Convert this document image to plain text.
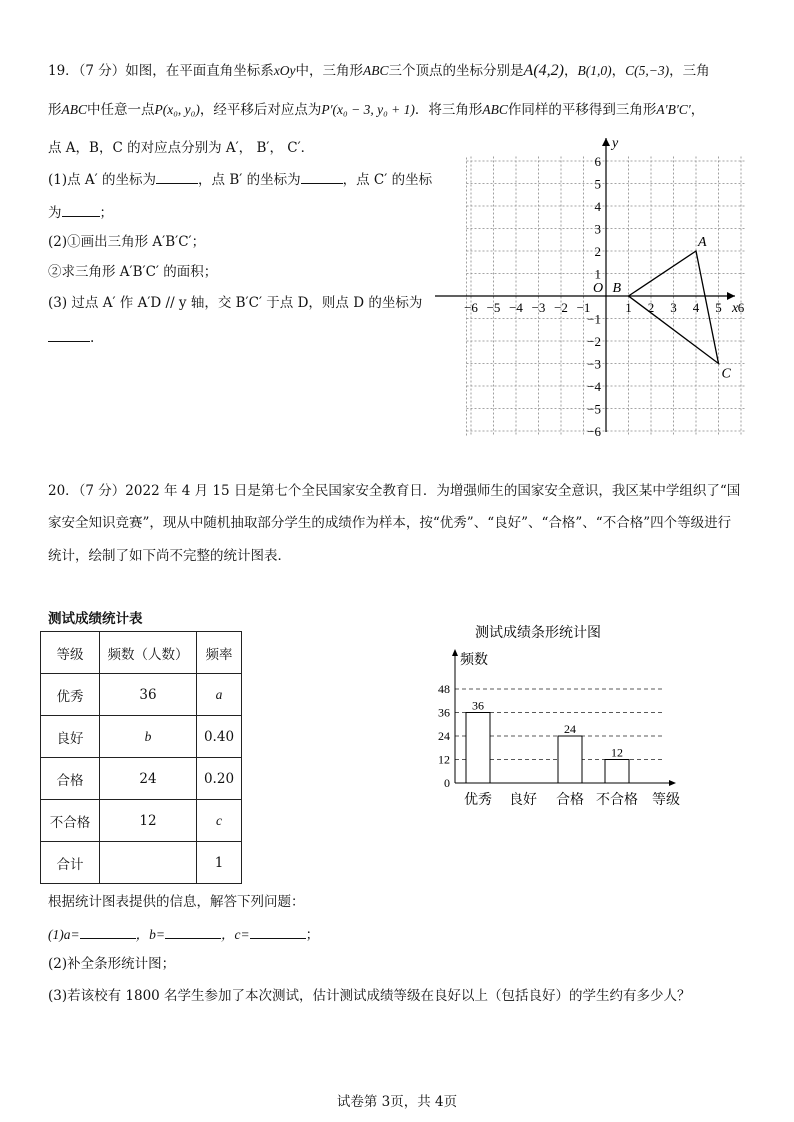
19．（7 分）如图，在平面直角坐标系xOy中，三角形ABC三个顶点的坐标分别是A(4,2)，B(1,0)，C(5,−3)，三角
形ABC中任意一点P(x₀, y₀)，经平移后对应点为P′(x₀ − 3, y₀ + 1)．将三角形ABC作同样的平移得到三角形A′B′C′，
点 A，B，C 的对应点分别为 A′， B′， C′．
(1)点 A′ 的坐标为	，点 B′ 的坐标为	，点 C′ 的坐标
为	；
(2)①画出三角形 A′B′C′；
②求三角形 A′B′C′ 的面积；
(3) 过点 A′ 作 A′D // y 轴，交 B′C′ 于点 D，则点 D 的坐标为
.
−6 −5 −4 −3 −2 −1	1 2 3 4 5 6
6
5
4
3
2
1
−1
−2
−3
−4
−5
−6
x
y
O
A
B
C
20．（7 分）2022 年 4 月 15 日是第七个全民国家安全教育日．为增强师生的国家安全意识，我区某中学组织了“国
家安全知识竞赛”，现从中随机抽取部分学生的成绩作为样本，按“优秀”、“良好”、“合格”、“不合格”四个等级进行
统计，绘制了如下尚不完整的统计图表．
测试成绩统计表
等级	频数（人数）	频率
优秀	36	a
良好	b	0.40
合格	24	0.20
不合格	12	c
合计		1
测试成绩条形统计图
0
12
24
36
48
频数
等级
36
优秀 良好
24
合格
12
不合格
根据统计图表提供的信息，解答下列问题：
(1)a=	，b=	，c=	；
(2)补全条形统计图；
(3)若该校有 1800 名学生参加了本次测试，估计测试成绩等级在良好以上（包括良好）的学生约有多少人？
试卷第 3页，共 4页
